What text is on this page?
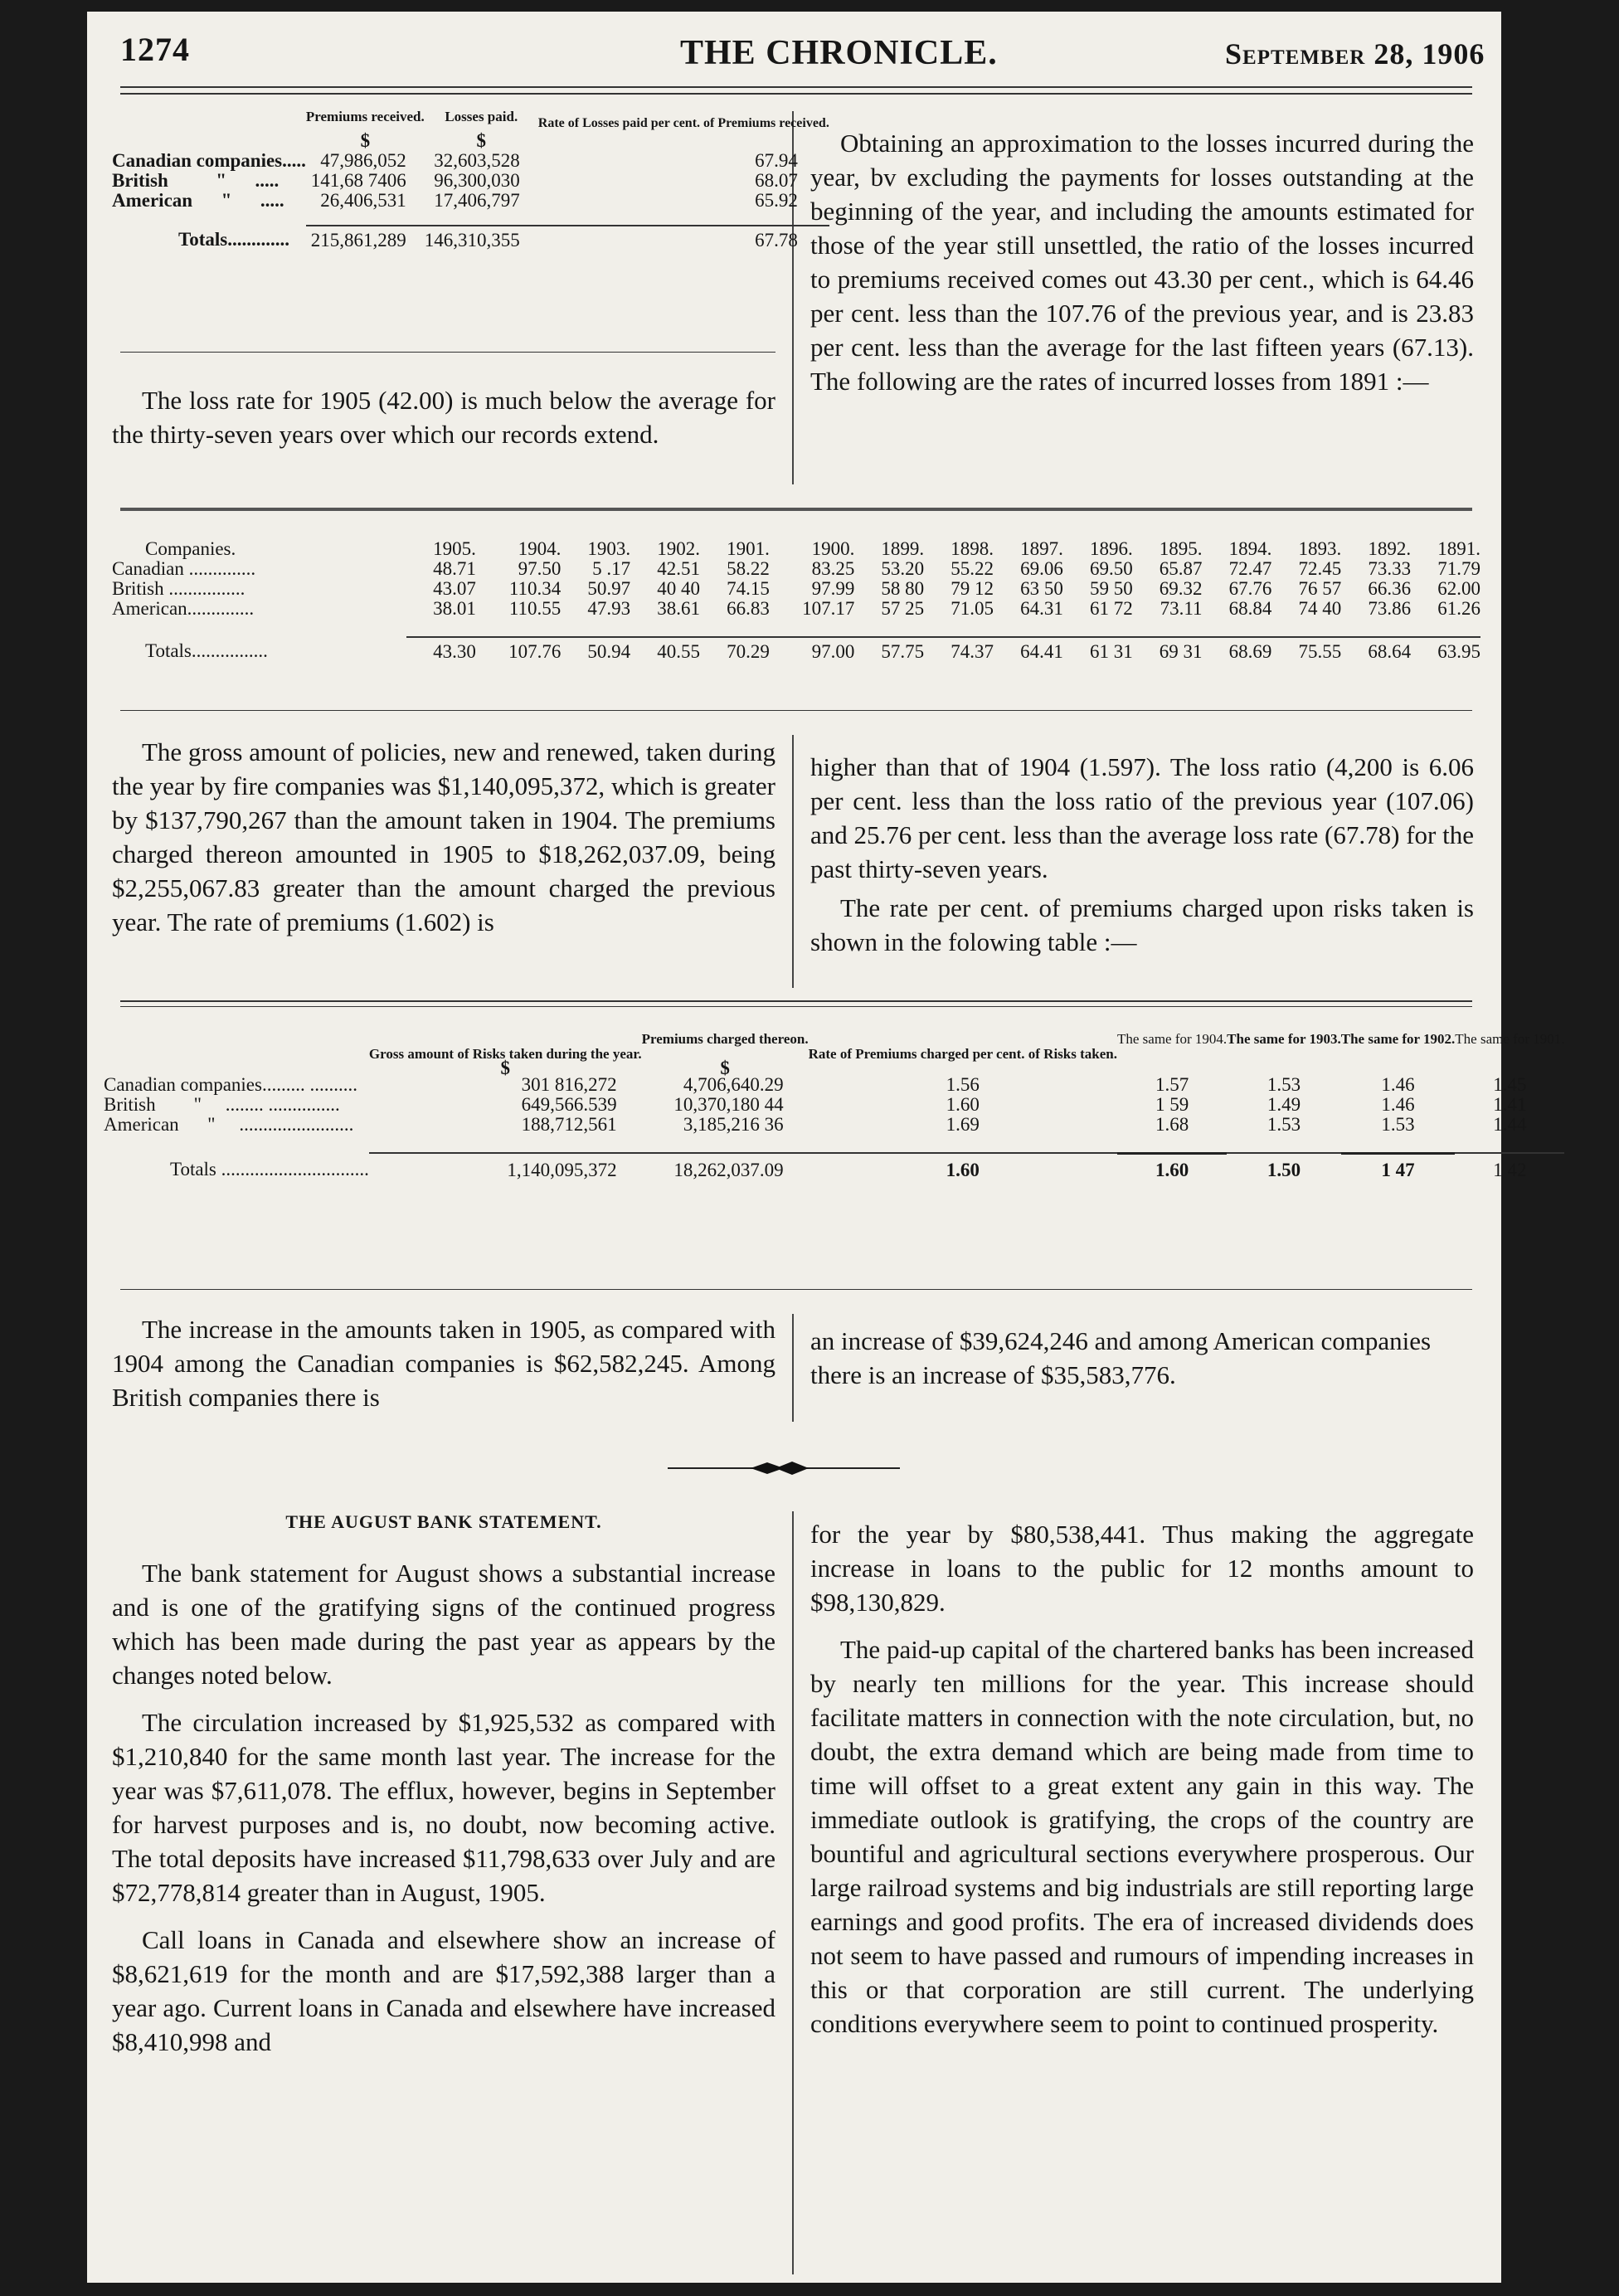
1274	THE CHRONICLE.	September 28, 1906
	Premiums received.	Losses paid.	Rate of Losses paid per cent. of Premiums received.
	$	$	
Canadian companies.....	47,986,052	32,603,528	67.94
British          "      .....	141,68 7406	96,300,030	68.07
American      "      .....	26,406,531	17,406,797	65.92

Totals.............	215,861,289	146,310,355	67.78

The loss rate for 1905 (42.00) is much below the average for the thirty-seven years over which our records extend.

Obtaining an approximation to the losses incurred during the year, bv excluding the payments for losses outstanding at the beginning of the year, and including the amounts estimated for those of the year still unsettled, the ratio of the losses incurred to premiums received comes out 43.30 per cent., which is 64.46 per cent. less than the 107.76 of the previous year, and is 23.83 per cent. less than the average for the last fifteen years (67.13). The following are the rates of incurred losses from 1891 :—

Companies.	1905.	1904.	1903.	1902.	1901.	1900.	1899.	1898.	1897.	1896.	1895.	1894.	1893.	1892.	1891.
Canadian ..............	48.71	97.50	5 .17	42.51	58.22	83.25	53.20	55.22	69.06	69.50	65.87	72.47	72.45	73.33	71.79
British ................	43.07	110.34	50.97	40 40	74.15	97.99	58 80	79 12	63 50	59 50	69.32	67.76	76 57	66.36	62.00
American..............	38.01	110.55	47.93	38.61	66.83	107.17	57 25	71.05	64.31	61 72	73.11	68.84	74 40	73.86	61.26

Totals................	43.30	107.76	50.94	40.55	70.29	97.00	57.75	74.37	64.41	61 31	69 31	68.69	75.55	68.64	63.95

The gross amount of policies, new and renewed, taken during the year by fire companies was $1,140,095,372, which is greater by $137,790,267 than the amount taken in 1904. The premiums charged thereon amounted in 1905 to $18,262,037.09, being $2,255,067.83 greater than the amount charged the previous year. The rate of premiums (1.602) is

higher than that of 1904 (1.597). The loss ratio (4,200 is 6.06 per cent. less than the loss ratio of the previous year (107.06) and 25.76 per cent. less than the average loss rate (67.78) for the past thirty-seven years.

The rate per cent. of premiums charged upon risks taken is shown in the folowing table :—

	Gross amount of Risks taken during the year.	Premiums charged thereon.	Rate of Premiums charged per cent. of Risks taken.	The same for 1904.	The same for 1903.	The same for 1902.	The same for 1901.
	$	$					
Canadian companies......... ..........	301 816,272	4,706,640.29	1.56	1.57	1.53	1.46	1.45
British        "     ........ ...............	649,566.539	10,370,180 44	1.60	1 59	1.49	1.46	1.41
American      "     ........................	188,712,561	3,185,216 36	1.69	1.68	1.53	1.53	1.44

Totals ...............................	1,140,095,372	18,262,037.09	1.60	1.60	1.50	1 47	1 42

The increase in the amounts taken in 1905, as compared with 1904 among the Canadian companies is $62,582,245. Among British companies there is

an increase of $39,624,246 and among American companies there is an increase of $35,583,776.

THE AUGUST BANK STATEMENT.

The bank statement for August shows a substantial increase and is one of the gratifying signs of the continued progress which has been made during the past year as appears by the changes noted below.

The circulation increased by $1,925,532 as compared with $1,210,840 for the same month last year. The increase for the year was $7,611,078. The efflux, however, begins in September for harvest purposes and is, no doubt, now becoming active. The total deposits have increased $11,798,633 over July and are $72,778,814 greater than in August, 1905.

Call loans in Canada and elsewhere show an increase of $8,621,619 for the month and are $17,592,388 larger than a year ago. Current loans in Canada and elsewhere have increased $8,410,998 and

for the year by $80,538,441. Thus making the aggregate increase in loans to the public for 12 months amount to $98,130,829.

The paid-up capital of the chartered banks has been increased by nearly ten millions for the year. This increase should facilitate matters in connection with the note circulation, but, no doubt, the extra demand which are being made from time to time will offset to a great extent any gain in this way. The immediate outlook is gratifying, the crops of the country are bountiful and agricultural sections everywhere prosperous. Our large railroad systems and big industrials are still reporting large earnings and good profits. The era of increased dividends does not seem to have passed and rumours of impending increases in this or that corporation are still current. The underlying conditions everywhere seem to point to continued prosperity.
